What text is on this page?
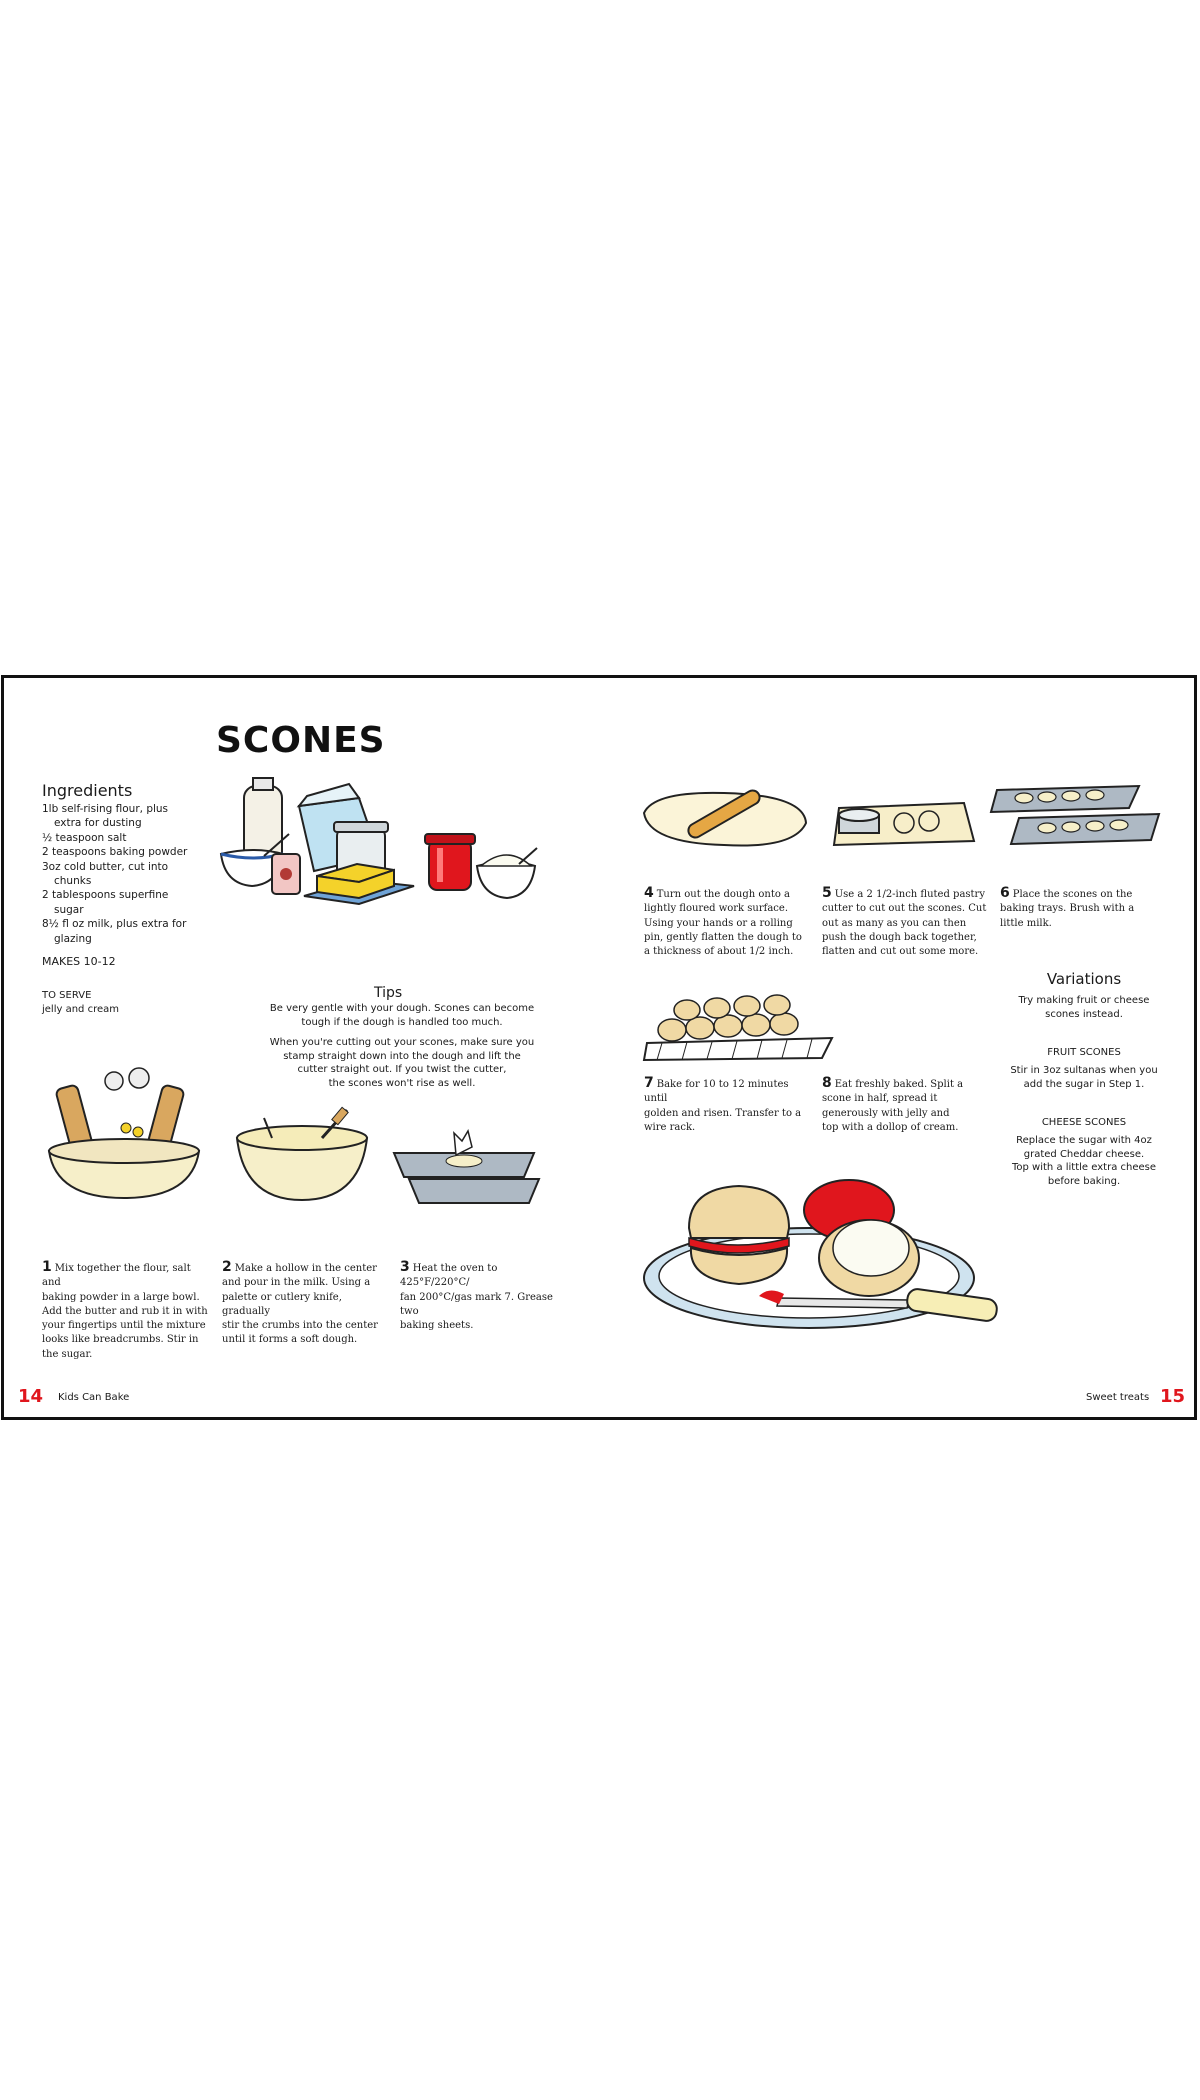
SCONES
Ingredients
1lb self-rising flour, plus
extra for dusting
½ teaspoon salt
2 teaspoons baking powder
3oz cold butter, cut into
chunks
2 tablespoons superfine
sugar
8½ fl oz milk, plus extra for
glazing
MAKES 10-12
TO SERVE
jelly and cream
Tips
Be very gentle with your dough. Scones can become
tough if the dough is handled too much.
When you're cutting out your scones, make sure you
stamp straight down into the dough and lift the
cutter straight out. If you twist the cutter,
the scones won't rise as well.
1 Mix together the flour, salt and
baking powder in a large bowl.
Add the butter and rub it in with
your fingertips until the mixture
looks like breadcrumbs. Stir in
the sugar.
2 Make a hollow in the center
and pour in the milk. Using a
palette or cutlery knife, gradually
stir the crumbs into the center
until it forms a soft dough.
3 Heat the oven to 425°F/220°C/
fan 200°C/gas mark 7. Grease two
baking sheets.
4 Turn out the dough onto a
lightly floured work surface.
Using your hands or a rolling
pin, gently flatten the dough to
a thickness of about 1/2 inch.
5 Use a 2 1/2-inch fluted pastry
cutter to cut out the scones. Cut
out as many as you can then
push the dough back together,
flatten and cut out some more.
6 Place the scones on the
baking trays. Brush with a
little milk.
Variations
Try making fruit or cheese
scones instead.
FRUIT SCONES
Stir in 3oz sultanas when you
add the sugar in Step 1.
CHEESE SCONES
Replace the sugar with 4oz
grated Cheddar cheese.
Top with a little extra cheese
before baking.
7 Bake for 10 to 12 minutes until
golden and risen. Transfer to a
wire rack.
8 Eat freshly baked. Split a
scone in half, spread it
generously with jelly and
top with a dollop of cream.
14 Kids Can Bake	Sweet treats 15
